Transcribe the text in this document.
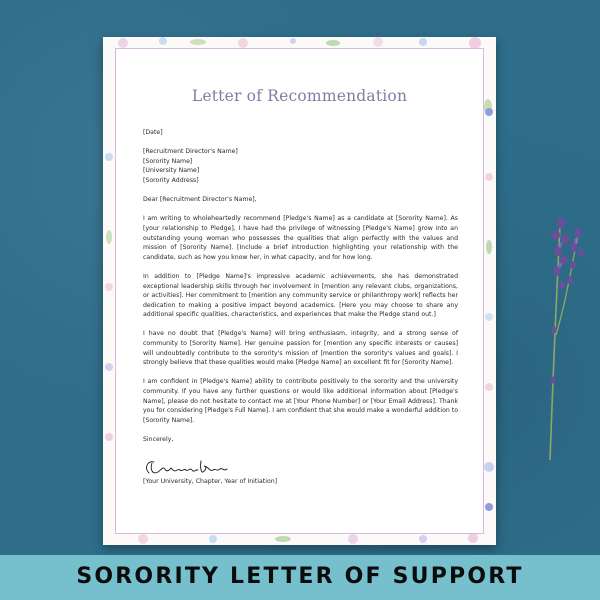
Letter of Recommendation

[Date]

[Recruitment Director's Name]

[Sorority Name]

[University Name]

[Sorority Address]

Dear [Recruitment Director's Name],

I am writing to wholeheartedly recommend [Pledge's Name] as a candidate at [Sorority Name]. As [your relationship to Pledge], I have had the privilege of witnessing [Pledge's Name] grow into an outstanding young woman who possesses the qualities that align perfectly with the values and mission of [Sorority Name]. [Include a brief introduction highlighting your relationship with the candidate, such as how you know her, in what capacity, and for how long.

In addition to [Pledge Name]'s impressive academic achievements, she has demonstrated exceptional leadership skills through her involvement in [mention any relevant clubs, organizations, or activities]. Her commitment to [mention any community service or philanthropy work] reflects her dedication to making a positive impact beyond academics. [Here you may choose to share any additional specific qualities, characteristics, and experiences that make the Pledge stand out.]

I have no doubt that [Pledge's Name] will bring enthusiasm, integrity, and a strong sense of community to [Sorority Name]. Her genuine passion for [mention any specific interests or causes] will undoubtedly contribute to the sorority's mission of [mention the sorority's values and goals]. I strongly believe that these qualities would make [Pledge Name] an excellent fit for [Sorority Name].

I am confident in [Pledge's Name] ability to contribute positively to the sorority and the university community. If you have any further questions or would like additional information about [Pledge's Name], please do not hesitate to contact me at [Your Phone Number] or [Your Email Address]. Thank you for considering [Pledge's Full Name]. I am confident that she would make a wonderful addition to [Sorority Name].

Sincerely,

[Your University, Chapter, Year of Initiation]
SORORITY LETTER OF SUPPORT
